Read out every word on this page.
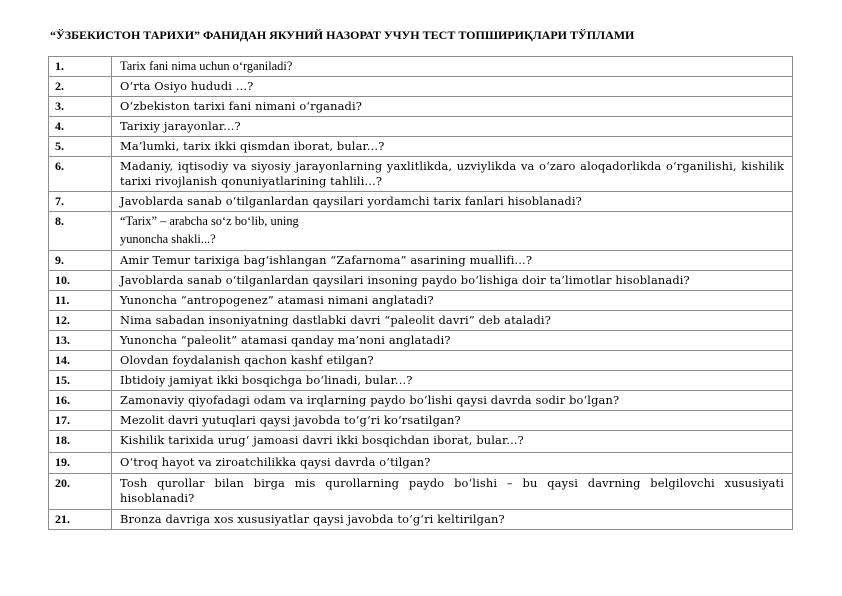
“ЎЗБЕКИСТОН ТАРИХИ” ФАНИДАН ЯКУНИЙ НАЗОРАТ УЧУН ТЕСТ ТОПШИРИҚЛАРИ ТЎПЛАМИ
1.	Tarix fani nima uchun o‘rganiladi?
2.	O‘rta Osiyo hududi ...?
3.	O‘zbekiston tarixi fani nimani o‘rganadi?
4.	Tarixiy jarayonlar...?
5.	Ma’lumki, tarix ikki qismdan iborat, bular...?
6.	Madaniy, iqtisodiy va siyosiy jarayonlarning yaxlitlikda, uzviylikda va o‘zaro aloqadorlikda o‘rganilishi, kishilik tarixi rivojlanish qonuniyatlarining tahlili...?
7.	Javoblarda sanab o‘tilganlardan qaysilari yordamchi tarix fanlari hisoblanadi?
8.	“Tarix” – arabcha so‘z bo‘lib, uning
yunoncha shakli...?

9.	Amir Temur tarixiga bag‘ishlangan “Zafarnoma” asarining muallifi...?
10.	Javoblarda sanab o‘tilganlardan qaysilari insoning paydo bo‘lishiga doir ta’limotlar hisoblanadi?
11.	Yunoncha “antropogenez” atamasi nimani anglatadi?
12.	Nima sabadan insoniyatning dastlabki davri “paleolit davri” deb ataladi?
13.	Yunoncha “paleolit” atamasi qanday ma’noni anglatadi?
14.	Olovdan foydalanish qachon kashf etilgan?
15.	Ibtidoiy jamiyat ikki bosqichga bo‘linadi, bular...?
16.	Zamonaviy qiyofadagi odam va irqlarning paydo bo‘lishi qaysi davrda sodir bo‘lgan?
17.	Mezolit davri yutuqlari qaysi javobda to‘g‘ri ko‘rsatilgan?
18.	Kishilik tarixida urug‘ jamoasi davri ikki bosqichdan iborat, bular...?
19.	O‘troq hayot va ziroatchilikka qaysi davrda o‘tilgan?
20.	Tosh qurollar bilan birga mis qurollarning paydo bo‘lishi – bu qaysi davrning belgilovchi xususiyati hisoblanadi?
21.	Bronza davriga xos xususiyatlar qaysi javobda to‘g‘ri keltirilgan?
